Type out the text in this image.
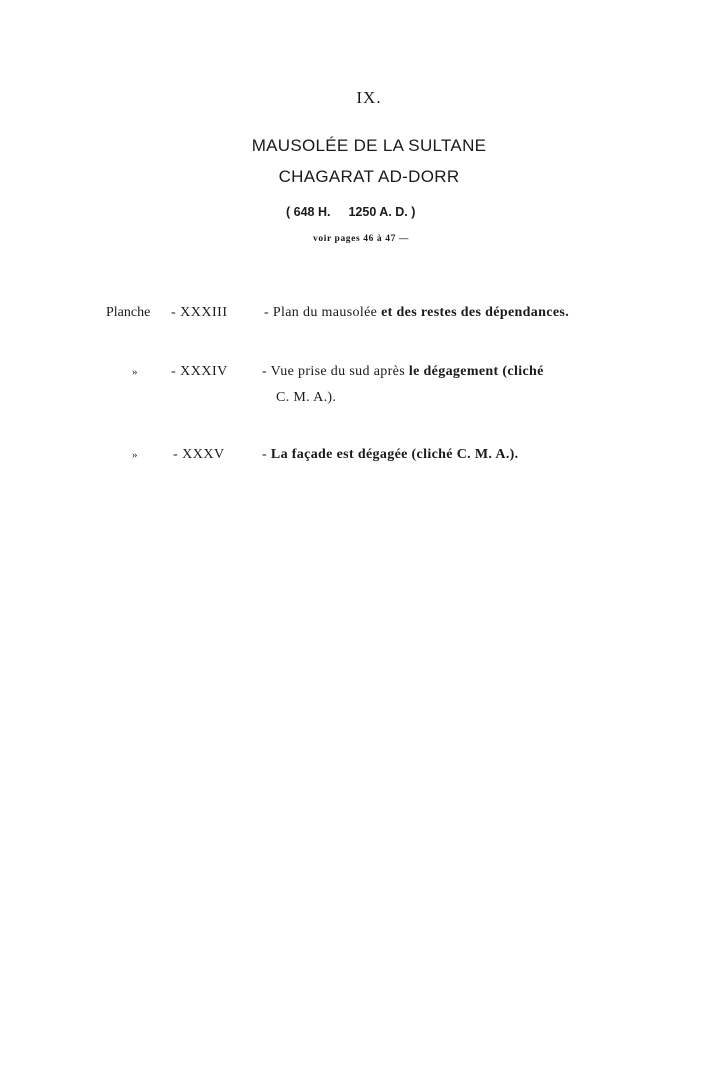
IX.
MAUSOLÉE DE LA SULTANE
CHAGARAT AD-DORR
( 648 H. 1250 A. D. )
voir pages 46 à 47 —
Planche - XXXIII	- Plan du mausolée et des restes des dépendances.
» - XXXIV - Vue prise du sud après le dégagement (cliché
C. M. A.).
»	- XXXV	- La façade est dégagée (cliché C. M. A.).
